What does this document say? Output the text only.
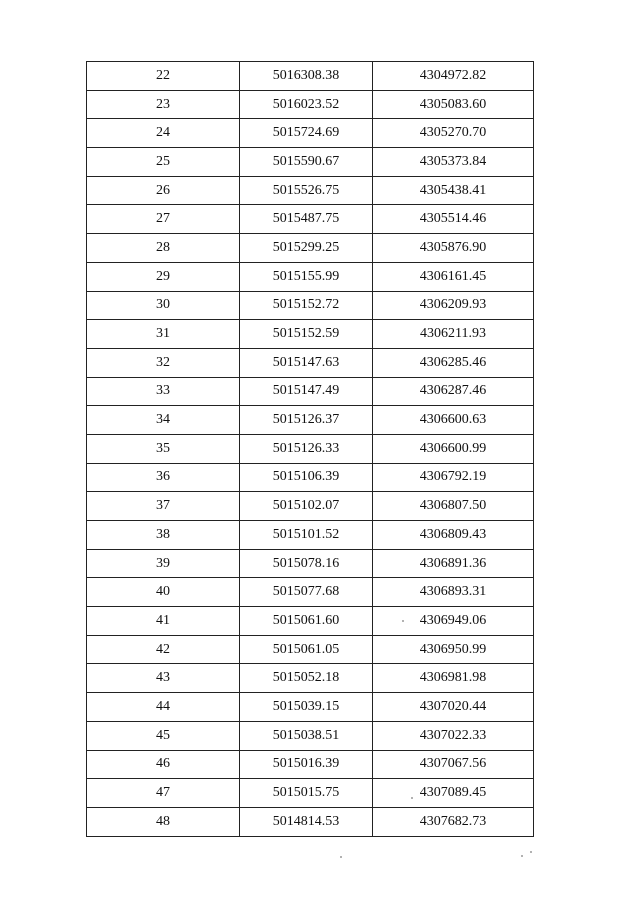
22	5016308.38	4304972.82
23	5016023.52	4305083.60
24	5015724.69	4305270.70
25	5015590.67	4305373.84
26	5015526.75	4305438.41
27	5015487.75	4305514.46
28	5015299.25	4305876.90
29	5015155.99	4306161.45
30	5015152.72	4306209.93
31	5015152.59	4306211.93
32	5015147.63	4306285.46
33	5015147.49	4306287.46
34	5015126.37	4306600.63
35	5015126.33	4306600.99
36	5015106.39	4306792.19
37	5015102.07	4306807.50
38	5015101.52	4306809.43
39	5015078.16	4306891.36
40	5015077.68	4306893.31
41	5015061.60	4306949.06
42	5015061.05	4306950.99
43	5015052.18	4306981.98
44	5015039.15	4307020.44
45	5015038.51	4307022.33
46	5015016.39	4307067.56
47	5015015.75	4307089.45
48	5014814.53	4307682.73
